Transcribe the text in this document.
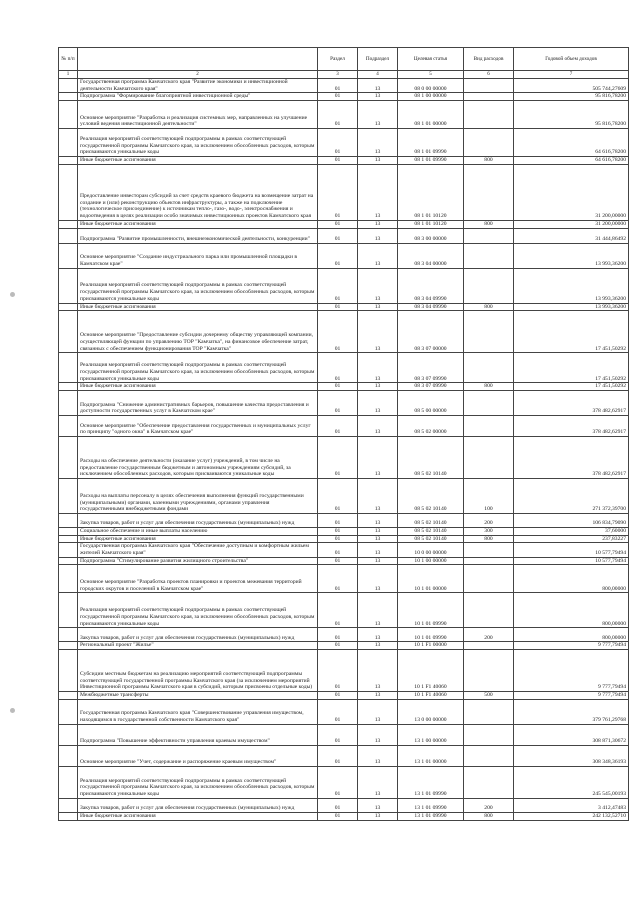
№ п/п		Раздел	Подраздел	Целевая статья	Вид расходов	Годовой объем доходов
1	2	3	4	5	6	7
	Государственная программа Камчатского края "Развитие экономики и инвестиционной деятельности Камчатского края"	01	13	08 0 00 00000		505 744,27609
	Подпрограмма "Формирование благоприятной инвестиционной среды"	01	13	08 1 00 00000		95 816,78200
	Основное мероприятие "Разработка и реализация системных мер, направленных на улучшение условий ведения инвестиционной деятельности"	01	13	08 1 01 00000		95 816,78200
	Реализация мероприятий соответствующей подпрограммы в рамках соответствующей государственной программы Камчатского края, за исключением обособленных расходов, которым присваиваются уникальные коды	01	13	08 1 01 09990		64 616,78200
	Иные бюджетные ассигнования	01	13	08 1 01 09990	800	64 616,78200
	Предоставление инвесторам субсидий за счет средств краевого бюджета на возмещение затрат на создание и (или) реконструкцию объектов инфраструктуры, а также на подключение (технологическое присоединение) к источникам тепло-, газо-, водо-, электроснабжения и водоотведения в целях реализации особо значимых инвестиционных проектов Камчатского края	01	13	08 1 01 10120		31 200,00000
	Иные бюджетные ассигнования	01	13	08 1 01 10120	800	31 200,00000
	Подпрограмма "Развитие промышленности, внешнеэкономической деятельности, конкуренции"	01	13	08 3 00 00000		31 444,86492
	Основное мероприятие "Создание индустриального парка или промышленной площадки в Камчатском крае"	01	13	08 3 04 00000		13 993,36200
	Реализация мероприятий соответствующей подпрограммы в рамках соответствующей государственной программы Камчатского края, за исключением обособленных расходов, которым присваиваются уникальные коды	01	13	08 3 04 09990		13 993,36200
	Иные бюджетные ассигнования	01	13	08 3 04 09990	800	13 993,36200
	Основное мероприятие "Предоставление субсидии дочернему обществу управляющей компании, осуществляющей функции по управлению ТОР "Камчатка", на финансовое обеспечение затрат, связанных с обеспечением функционирования ТОР "Камчатка"	01	13	08 3 07 00000		17 451,50292
	Реализация мероприятий соответствующей подпрограммы в рамках соответствующей государственной программы Камчатского края, за исключением обособленных расходов, которым присваиваются уникальные коды	01	13	08 3 07 09990		17 451,50292
	Иные бюджетные ассигнования	01	13	08 3 07 09990	800	17 451,50292
	Подпрограмма "Снижение административных барьеров, повышение качества предоставления и доступности государственных услуг в Камчатском крае"	01	13	08 5 00 00000		378 482,62917
	Основное мероприятие "Обеспечение предоставления государственных и муниципальных услуг по принципу "одного окна" в Камчатском крае"	01	13	08 5 02 00000		378 482,62917
	Расходы на обеспечение деятельности (оказание услуг) учреждений, в том числе на предоставление государственным бюджетным и автономным учреждениям субсидий, за исключением обособленных расходов, которым присваиваются уникальные коды	01	13	08 5 02 10140		378 482,62917
	Расходы на выплаты персоналу в целях обеспечения выполнения функций государственными (муниципальными) органами, казенными учреждениями, органами управления государственными внебюджетными фондами	01	13	08 5 02 10140	100	271 372,39700
	Закупка товаров, работ и услуг для обеспечения государственных (муниципальных) нужд	01	13	08 5 02 10140	200	106 834,79090
	Социальное обеспечение и иные выплаты населению	01	13	08 5 02 10140	300	37,60000
	Иные бюджетные ассигнования	01	13	08 5 02 10140	800	237,83227
	Государственная программа Камчатского края "Обеспечение доступным и комфортным жильем жителей Камчатского края"	01	13	10 0 00 00000		10 577,79494
	Подпрограмма "Стимулирование развития жилищного строительства"	01	13	10 1 00 00000		10 577,79494
	Основное мероприятие "Разработка проектов планировки и проектов межевания территорий городских округов и поселений в Камчатском крае"	01	13	10 1 01 00000		800,00000
	Реализация мероприятий соответствующей подпрограммы в рамках соответствующей государственной программы Камчатского края, за исключением обособленных расходов, которым присваиваются уникальные коды	01	13	10 1 01 09990		800,00000
	Закупка товаров, работ и услуг для обеспечения государственных (муниципальных) нужд	01	13	10 1 01 09990	200	800,00000
	Региональный проект "Жилье"	01	13	10 1 F1 00000		9 777,79494
	Субсидии местным бюджетам на реализацию мероприятий соответствующей подпрограммы соответствующей государственной программы Камчатского края (за исключением мероприятий Инвестиционной программы Камчатского края в субсидий, которым присвоены отдельные коды)	01	13	10 1 F1 40060		9 777,79494
	Межбюджетные трансферты	01	13	10 1 F1 40060	500	9 777,79494
	Государственная программа Камчатского края "Совершенствование управления имуществом, находящимся в государственной собственности Камчатского края"	01	13	13 0 00 00000		379 761,29768
	Подпрограмма "Повышение эффективности управления краевым имуществом"	01	13	13 1 00 00000		308 871,30672
	Основное мероприятие "Учет, содержание и распоряжение краевым имуществом"	01	13	13 1 01 00000		308 348,36193
	Реализация мероприятий соответствующей подпрограммы в рамках соответствующей государственной программы Камчатского края, за исключением обособленных расходов, которым присваиваются уникальные коды	01	13	13 1 01 09990		245 545,00193
	Закупка товаров, работ и услуг для обеспечения государственных (муниципальных) нужд	01	13	13 1 01 09990	200	3 412,47483
	Иные бюджетные ассигнования	01	13	13 1 01 09990	800	242 132,52710
